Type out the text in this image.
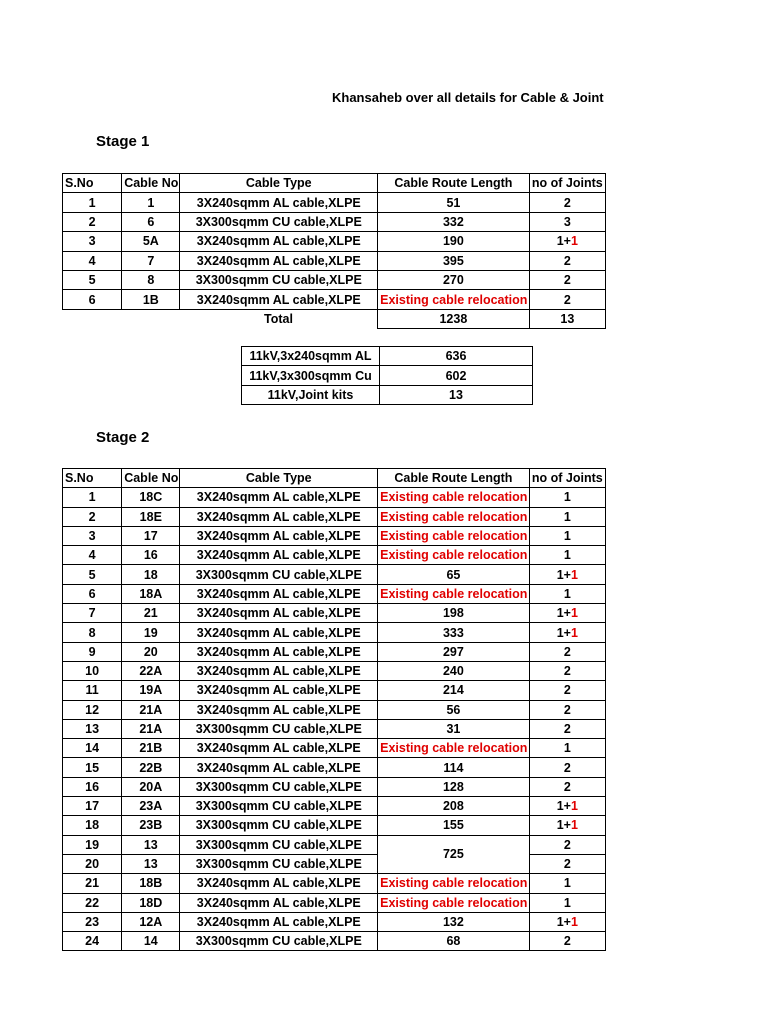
Khansaheb over all details for Cable & Joint
Stage 1
S.No	Cable No	Cable Type	Cable Route Length	no of Joints
1	1	3X240sqmm AL cable,XLPE	51	2
2	6	3X300sqmm CU cable,XLPE	332	3
3	5A	3X240sqmm AL cable,XLPE	190	1+1
4	7	3X240sqmm AL cable,XLPE	395	2
5	8	3X300sqmm CU cable,XLPE	270	2
6	1B	3X240sqmm AL cable,XLPE	Existing cable relocation	2
		Total	1238	13
11kV,3x240sqmm AL	636
11kV,3x300sqmm Cu	602
11kV,Joint kits	13
Stage 2
S.No	Cable No	Cable Type	Cable Route Length	no of Joints
1	18C	3X240sqmm AL cable,XLPE	Existing cable relocation	1
2	18E	3X240sqmm AL cable,XLPE	Existing cable relocation	1
3	17	3X240sqmm AL cable,XLPE	Existing cable relocation	1
4	16	3X240sqmm AL cable,XLPE	Existing cable relocation	1
5	18	3X300sqmm CU cable,XLPE	65	1+1
6	18A	3X240sqmm AL cable,XLPE	Existing cable relocation	1
7	21	3X240sqmm AL cable,XLPE	198	1+1
8	19	3X240sqmm AL cable,XLPE	333	1+1
9	20	3X240sqmm AL cable,XLPE	297	2
10	22A	3X240sqmm AL cable,XLPE	240	2
11	19A	3X240sqmm AL cable,XLPE	214	2
12	21A	3X240sqmm AL cable,XLPE	56	2
13	21A	3X300sqmm CU cable,XLPE	31	2
14	21B	3X240sqmm AL cable,XLPE	Existing cable relocation	1
15	22B	3X240sqmm AL cable,XLPE	114	2
16	20A	3X300sqmm CU cable,XLPE	128	2
17	23A	3X300sqmm CU cable,XLPE	208	1+1
18	23B	3X300sqmm CU cable,XLPE	155	1+1
19	13	3X300sqmm CU cable,XLPE	725	2
20	13	3X300sqmm CU cable,XLPE		2
21	18B	3X240sqmm AL cable,XLPE	Existing cable relocation	1
22	18D	3X240sqmm AL cable,XLPE	Existing cable relocation	1
23	12A	3X240sqmm AL cable,XLPE	132	1+1
24	14	3X300sqmm CU cable,XLPE	68	2
